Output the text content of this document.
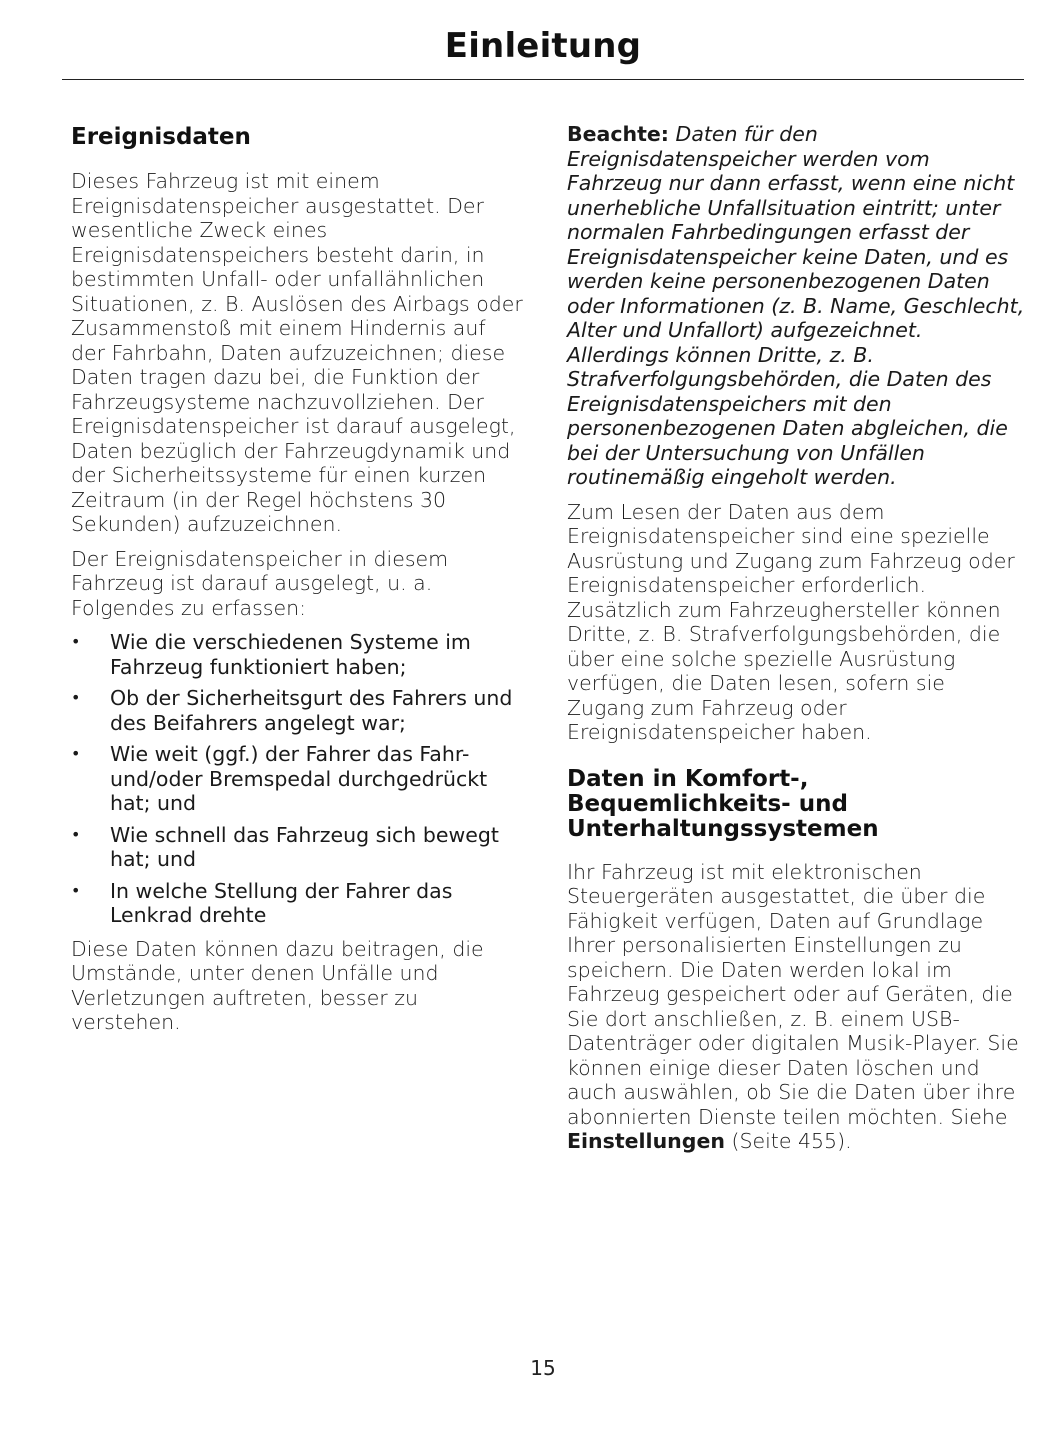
Einleitung
Ereignisdaten

Dieses Fahrzeug ist mit einem Ereignisdatenspeicher ausgestattet. Der wesentliche Zweck eines Ereignisdatenspeichers besteht darin, in bestimmten Unfall- oder unfallähnlichen Situationen, z. B. Auslösen des Airbags oder Zusammenstoß mit einem Hindernis auf der Fahrbahn, Daten aufzuzeichnen; diese Daten tragen dazu bei, die Funktion der Fahrzeugsysteme nachzuvollziehen. Der Ereignisdatenspeicher ist darauf ausgelegt, Daten bezüglich der Fahrzeugdynamik und der Sicherheitssysteme für einen kurzen Zeitraum (in der Regel höchstens 30 Sekunden) aufzuzeichnen.

Der Ereignisdatenspeicher in diesem Fahrzeug ist darauf ausgelegt, u. a. Folgendes zu erfassen:

• Wie die verschiedenen Systeme im Fahrzeug funktioniert haben;
• Ob der Sicherheitsgurt des Fahrers und des Beifahrers angelegt war;
• Wie weit (ggf.) der Fahrer das Fahr- und/oder Bremspedal durchgedrückt hat; und
• Wie schnell das Fahrzeug sich bewegt hat; und
• In welche Stellung der Fahrer das Lenkrad drehte

Diese Daten können dazu beitragen, die Umstände, unter denen Unfälle und Verletzungen auftreten, besser zu verstehen.

Beachte: Daten für den Ereignisdatenspeicher werden vom Fahrzeug nur dann erfasst, wenn eine nicht unerhebliche Unfallsituation eintritt; unter normalen Fahrbedingungen erfasst der Ereignisdatenspeicher keine Daten, und es werden keine personenbezogenen Daten oder Informationen (z. B. Name, Geschlecht, Alter und Unfallort) aufgezeichnet. Allerdings können Dritte, z. B. Strafverfolgungsbehörden, die Daten des Ereignisdatenspeichers mit den personenbezogenen Daten abgleichen, die bei der Untersuchung von Unfällen routinemäßig eingeholt werden.

Zum Lesen der Daten aus dem Ereignisdatenspeicher sind eine spezielle Ausrüstung und Zugang zum Fahrzeug oder Ereignisdatenspeicher erforderlich. Zusätzlich zum Fahrzeughersteller können Dritte, z. B. Strafverfolgungsbehörden, die über eine solche spezielle Ausrüstung verfügen, die Daten lesen, sofern sie Zugang zum Fahrzeug oder Ereignisdatenspeicher haben.

Daten in Komfort-, Bequemlichkeits- und Unterhaltungssystemen

Ihr Fahrzeug ist mit elektronischen Steuergeräten ausgestattet, die über die Fähigkeit verfügen, Daten auf Grundlage Ihrer personalisierten Einstellungen zu speichern. Die Daten werden lokal im Fahrzeug gespeichert oder auf Geräten, die Sie dort anschließen, z. B. einem USB-Datenträger oder digitalen Musik-Player. Sie können einige dieser Daten löschen und auch auswählen, ob Sie die Daten über ihre abonnierten Dienste teilen möchten. Siehe Einstellungen (Seite 455).

15
